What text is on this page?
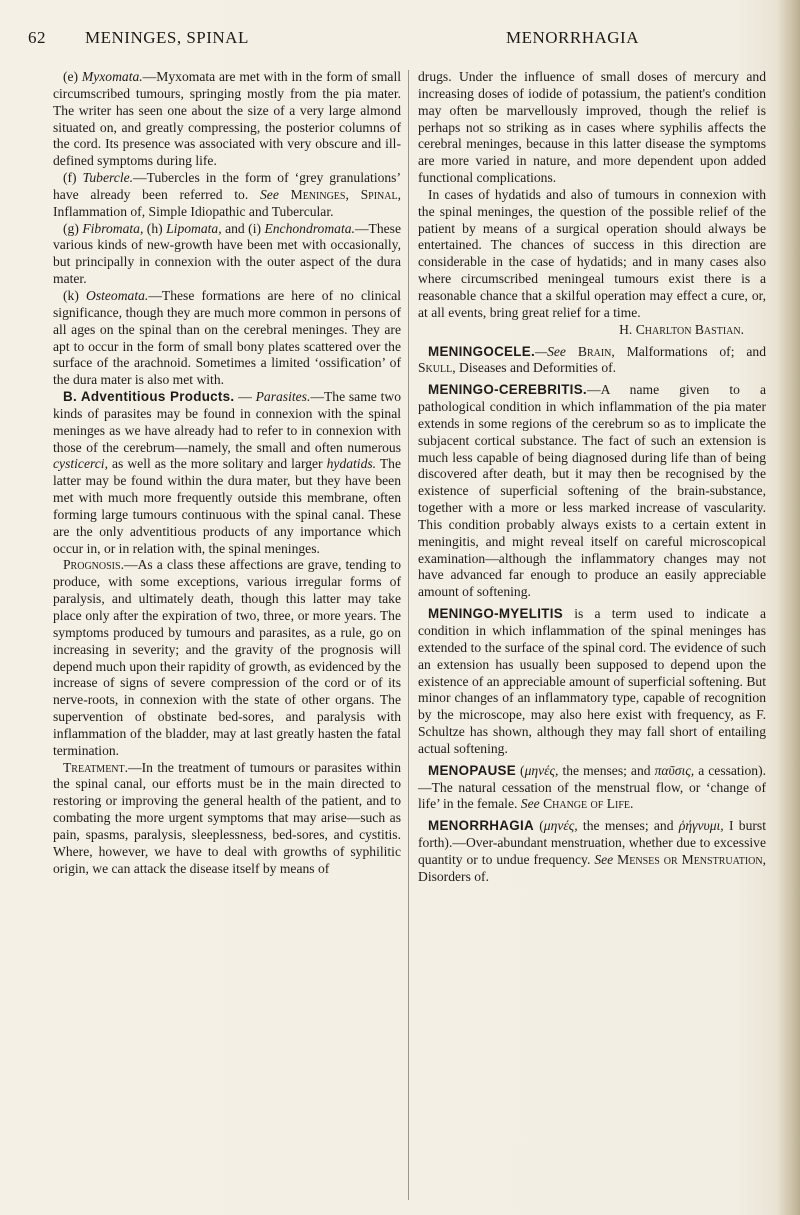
62 MENINGES, SPINAL	MENORRHAGIA

(e) Myxomata.—Myxomata are met with in the form of small circumscribed tumours, springing mostly from the pia mater. The writer has seen one about the size of a very large almond situated on, and greatly compressing, the posterior columns of the cord. Its presence was associated with very obscure and ill-defined symptoms during life.

(f) Tubercle.—Tubercles in the form of ‘grey granulations’ have already been referred to. See Meninges, Spinal, Inflammation of, Simple Idiopathic and Tubercular.

(g) Fibromata, (h) Lipomata, and (i) Enchondromata.—These various kinds of new-growth have been met with occasionally, but principally in connexion with the outer aspect of the dura mater.

(k) Osteomata.—These formations are here of no clinical significance, though they are much more common in persons of all ages on the spinal than on the cerebral meninges. They are apt to occur in the form of small bony plates scattered over the surface of the arachnoid. Sometimes a limited ‘ossification’ of the dura mater is also met with.

B. Adventitious Products. — Parasites.—The same two kinds of parasites may be found in connexion with the spinal meninges as we have already had to refer to in connexion with those of the cerebrum—namely, the small and often numerous cysticerci, as well as the more solitary and larger hydatids. The latter may be found within the dura mater, but they have been met with much more frequently outside this membrane, often forming large tumours continuous with the spinal canal. These are the only adventitious products of any importance which occur in, or in relation with, the spinal meninges.

Prognosis.—As a class these affections are grave, tending to produce, with some exceptions, various irregular forms of paralysis, and ultimately death, though this latter may take place only after the expiration of two, three, or more years. The symptoms produced by tumours and parasites, as a rule, go on increasing in severity; and the gravity of the prognosis will depend much upon their rapidity of growth, as evidenced by the increase of signs of severe compression of the cord or of its nerve-roots, in connexion with the state of other organs. The supervention of obstinate bed-sores, and paralysis with inflammation of the bladder, may at last greatly hasten the fatal termination.

Treatment.—In the treatment of tumours or parasites within the spinal canal, our efforts must be in the main directed to restoring or improving the general health of the patient, and to combating the more urgent symptoms that may arise—such as pain, spasms, paralysis, sleeplessness, bed-sores, and cystitis. Where, however, we have to deal with growths of syphilitic origin, we can attack the disease itself by means of

drugs. Under the influence of small doses of mercury and increasing doses of iodide of potassium, the patient's condition may often be marvellously improved, though the relief is perhaps not so striking as in cases where syphilis affects the cerebral meninges, because in this latter disease the symptoms are more varied in nature, and more dependent upon added functional complications.

In cases of hydatids and also of tumours in connexion with the spinal meninges, the question of the possible relief of the patient by means of a surgical operation should always be entertained. The chances of success in this direction are considerable in the case of hydatids; and in many cases also where circumscribed meningeal tumours exist there is a reasonable chance that a skilful operation may effect a cure, or, at all events, bring great relief for a time.

H. Charlton Bastian.

MENINGOCELE.—See Brain, Malformations of; and Skull, Diseases and Deformities of.

MENINGO-CEREBRITIS.—A name given to a pathological condition in which inflammation of the pia mater extends in some regions of the cerebrum so as to implicate the subjacent cortical substance. The fact of such an extension is much less capable of being diagnosed during life than of being discovered after death, but it may then be recognised by the existence of superficial softening of the brain-substance, together with a more or less marked increase of vascularity. This condition probably always exists to a certain extent in meningitis, and might reveal itself on careful microscopical examination—although the inflammatory changes may not have advanced far enough to produce an easily appreciable amount of softening.

MENINGO-MYELITIS is a term used to indicate a condition in which inflammation of the spinal meninges has extended to the surface of the spinal cord. The evidence of such an extension has usually been supposed to depend upon the existence of an appreciable amount of superficial softening. But minor changes of an inflammatory type, capable of recognition by the microscope, may also here exist with frequency, as F. Schultze has shown, although they may fall short of entailing actual softening.

MENOPAUSE (μηνές, the menses; and παῦσις, a cessation).—The natural cessation of the menstrual flow, or ‘change of life’ in the female. See Change of Life.

MENORRHAGIA (μηνές, the menses; and ῥήγνυμι, I burst forth).—Over-abundant menstruation, whether due to excessive quantity or to undue frequency. See Menses or Menstruation, Disorders of.
